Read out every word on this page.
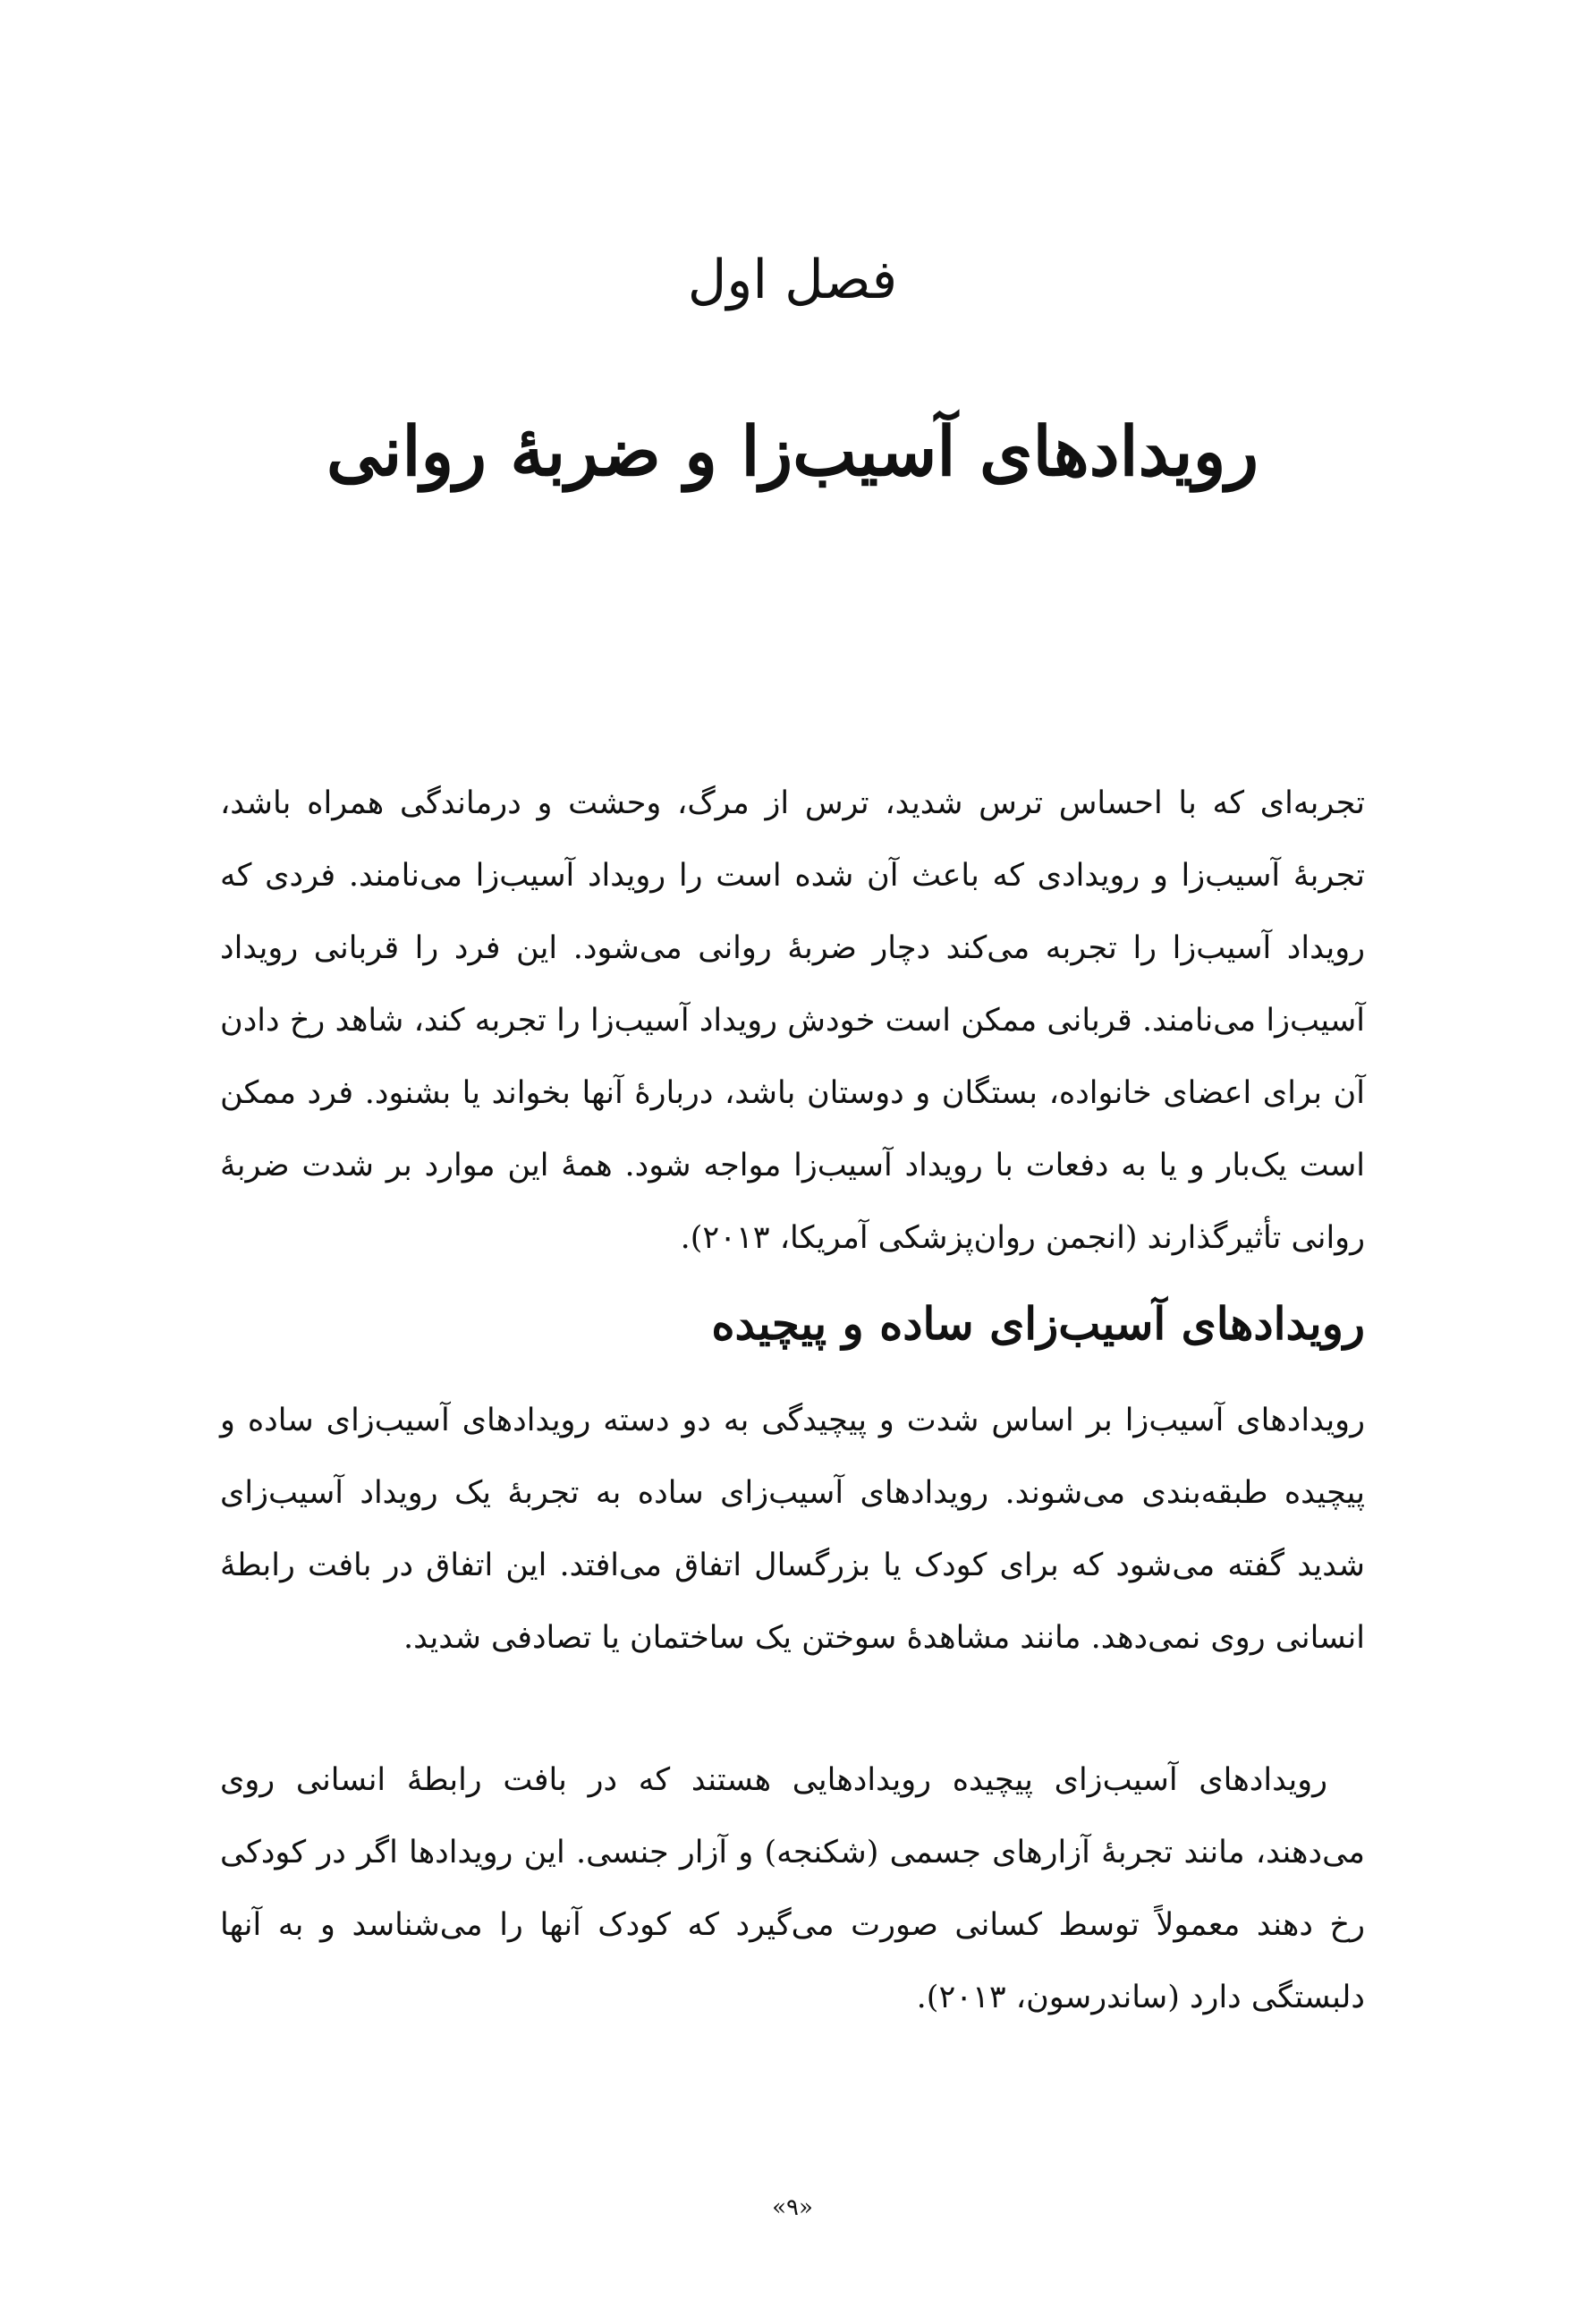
فصل اول
رویدادهای آسیب‌زا و ضربهٔ روانی

تجربه‌ای که با احساس ترس شدید، ترس از مرگ، وحشت و درماندگی همراه باشد، تجربهٔ آسیب‌زا و رویدادی که باعث آن شده است را رویداد آسیب‌زا می‌نامند. فردی که رویداد آسیب‌زا را تجربه می‌کند دچار ضربهٔ روانی می‌شود. این فرد را قربانی رویداد آسیب‌زا می‌نامند. قربانی ممکن است خودش رویداد آسیب‌زا را تجربه کند، شاهد رخ دادن آن برای اعضای خانواده، بستگان و دوستان باشد، دربارهٔ آنها بخواند یا بشنود. فرد ممکن است یک‌بار و یا به دفعات با رویداد آسیب‌زا مواجه شود. همهٔ این موارد بر شدت ضربهٔ روانی تأثیرگذارند (انجمن روان‌پزشکی آمریکا، ۲۰۱۳).

رویدادهای آسیب‌زای ساده و پیچیده

رویدادهای آسیب‌زا بر اساس شدت و پیچیدگی به دو دسته رویدادهای آسیب‌زای ساده و پیچیده طبقه‌بندی می‌شوند. رویدادهای آسیب‌زای ساده به تجربهٔ یک رویداد آسیب‌زای شدید گفته می‌شود که برای کودک یا بزرگسال اتفاق می‌افتد. این اتفاق در بافت رابطهٔ انسانی روی نمی‌دهد. مانند مشاهدهٔ سوختن یک ساختمان یا تصادفی شدید.

رویدادهای آسیب‌زای پیچیده رویدادهایی هستند که در بافت رابطهٔ انسانی روی می‌دهند، مانند تجربهٔ آزارهای جسمی (شکنجه) و آزار جنسی. این رویدادها اگر در کودکی رخ دهند معمولاً توسط کسانی صورت می‌گیرد که کودک آنها را می‌شناسد و به آنها دلبستگی دارد (ساندرسون، ۲۰۱۳).

«۹»
